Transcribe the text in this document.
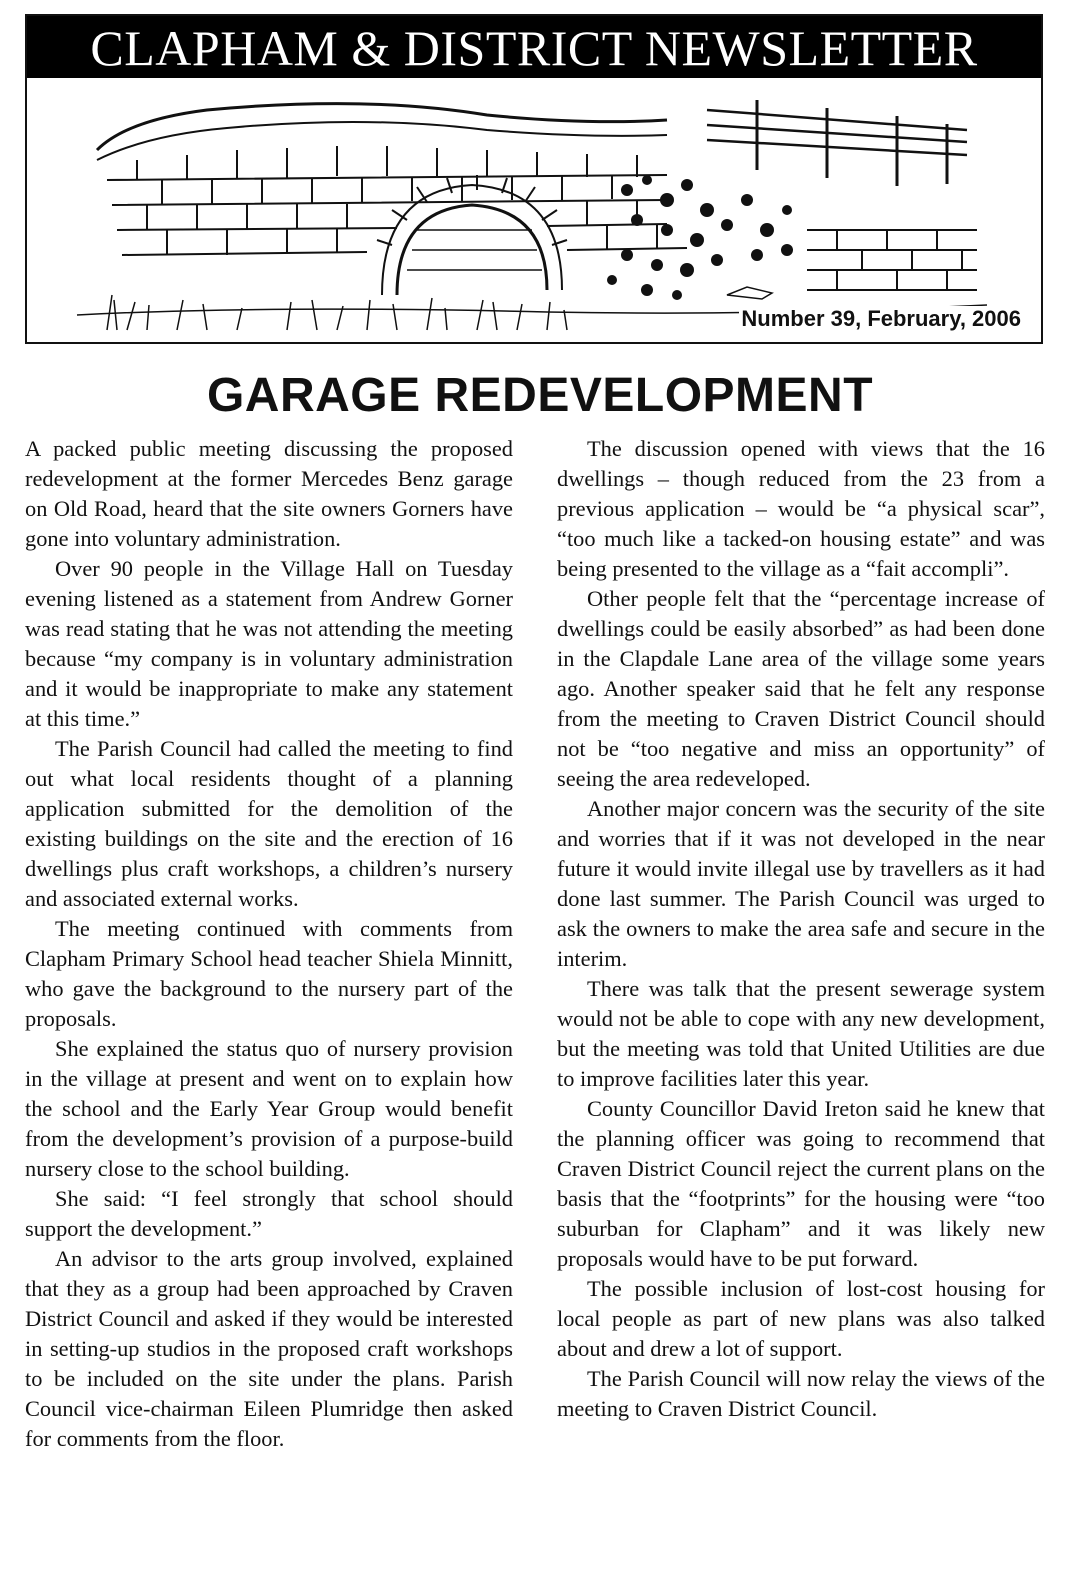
CLAPHAM & DISTRICT NEWSLETTER
Number 39, February, 2006
GARAGE REDEVELOPMENT

A packed public meeting discussing the proposed redevelopment at the former Mercedes Benz garage on Old Road, heard that the site owners Gorners have gone into voluntary administration.

Over 90 people in the Village Hall on Tuesday evening listened as a statement from Andrew Gorner was read stating that he was not attending the meeting because “my company is in voluntary administration and it would be inappropriate to make any statement at this time.”

The Parish Council had called the meeting to find out what local residents thought of a planning application submitted for the demolition of the existing buildings on the site and the erection of 16 dwellings plus craft workshops, a children’s nursery and associated external works.

The meeting continued with comments from Clapham Primary School head teacher Shiela Minnitt, who gave the background to the nursery part of the proposals.

She explained the status quo of nursery provision in the village at present and went on to explain how the school and the Early Year Group would benefit from the development’s provision of a purpose-build nursery close to the school building.

She said: “I feel strongly that school should support the development.”

An advisor to the arts group involved, explained that they as a group had been approached by Craven District Council and asked if they would be interested in setting-up studios in the proposed craft workshops to be included on the site under the plans. Parish Council vice-chairman Eileen Plumridge then asked for comments from the floor.

The discussion opened with views that the 16 dwellings – though reduced from the 23 from a previous application – would be “a physical scar”, “too much like a tacked-on housing estate” and was being presented to the village as a “fait accompli”.

Other people felt that the “percentage increase of dwellings could be easily absorbed” as had been done in the Clapdale Lane area of the village some years ago. Another speaker said that he felt any response from the meeting to Craven District Council should not be “too negative and miss an opportunity” of seeing the area redeveloped.

Another major concern was the security of the site and worries that if it was not developed in the near future it would invite illegal use by travellers as it had done last summer. The Parish Council was urged to ask the owners to make the area safe and secure in the interim.

There was talk that the present sewerage system would not be able to cope with any new development, but the meeting was told that United Utilities are due to improve facilities later this year.

County Councillor David Ireton said he knew that the planning officer was going to recommend that Craven District Council reject the current plans on the basis that the “footprints” for the housing were “too suburban for Clapham” and it was likely new proposals would have to be put forward.

The possible inclusion of lost-cost housing for local people as part of new plans was also talked about and drew a lot of support.

The Parish Council will now relay the views of the meeting to Craven District Council.
